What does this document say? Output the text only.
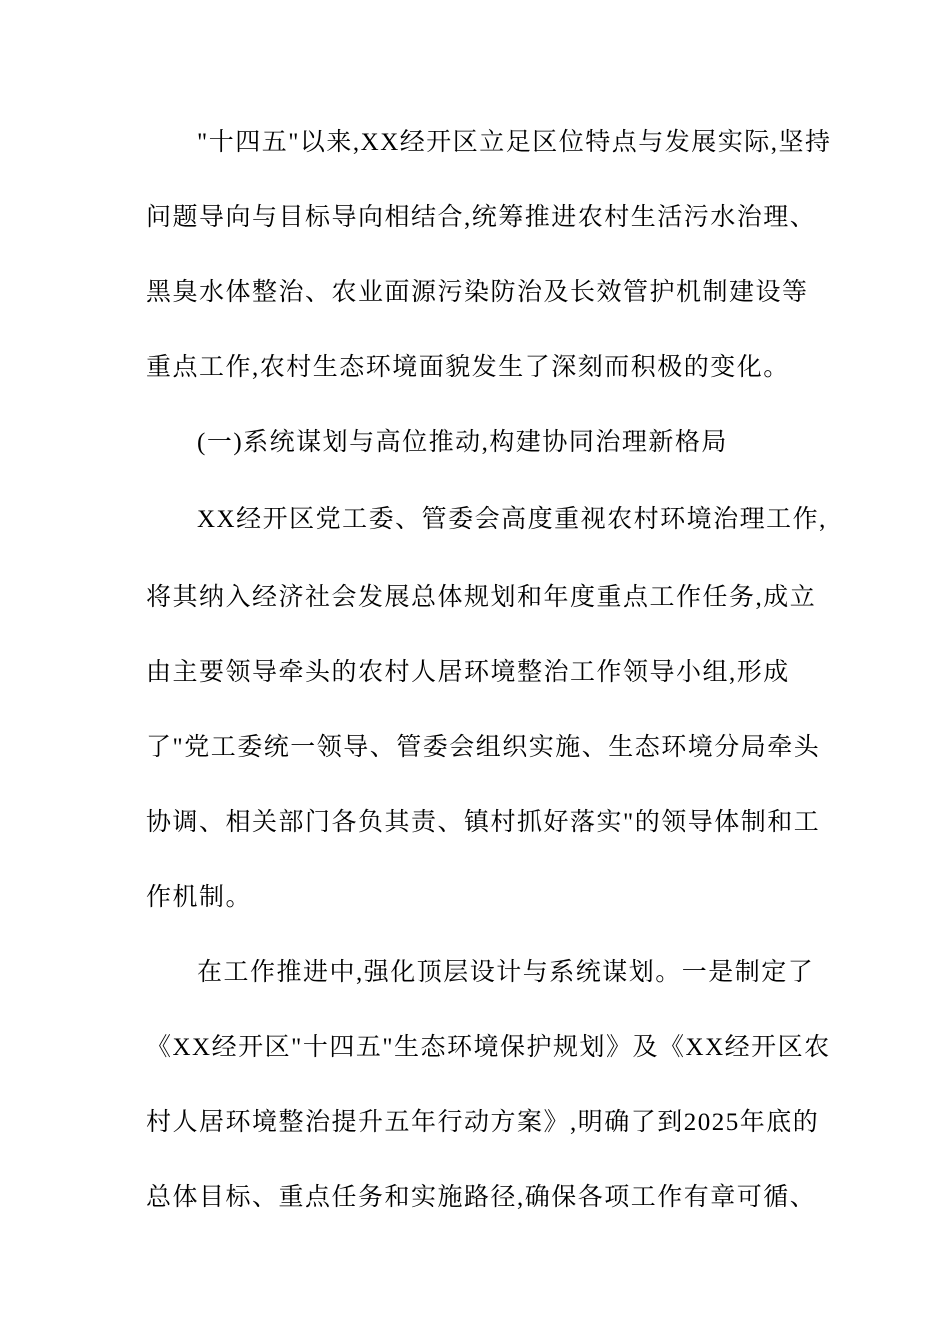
"十四五"以来,XX经开区立足区位特点与发展实际,坚持
问题导向与目标导向相结合,统筹推进农村生活污水治理、
黑臭水体整治、农业面源污染防治及长效管护机制建设等
重点工作,农村生态环境面貌发生了深刻而积极的变化。
(一)系统谋划与高位推动,构建协同治理新格局
XX经开区党工委、管委会高度重视农村环境治理工作,
将其纳入经济社会发展总体规划和年度重点工作任务,成立
由主要领导牵头的农村人居环境整治工作领导小组,形成
了"党工委统一领导、管委会组织实施、生态环境分局牵头
协调、相关部门各负其责、镇村抓好落实"的领导体制和工
作机制。
在工作推进中,强化顶层设计与系统谋划。一是制定了
《XX经开区"十四五"生态环境保护规划》及《XX经开区农
村人居环境整治提升五年行动方案》,明确了到2025年底的
总体目标、重点任务和实施路径,确保各项工作有章可循、
